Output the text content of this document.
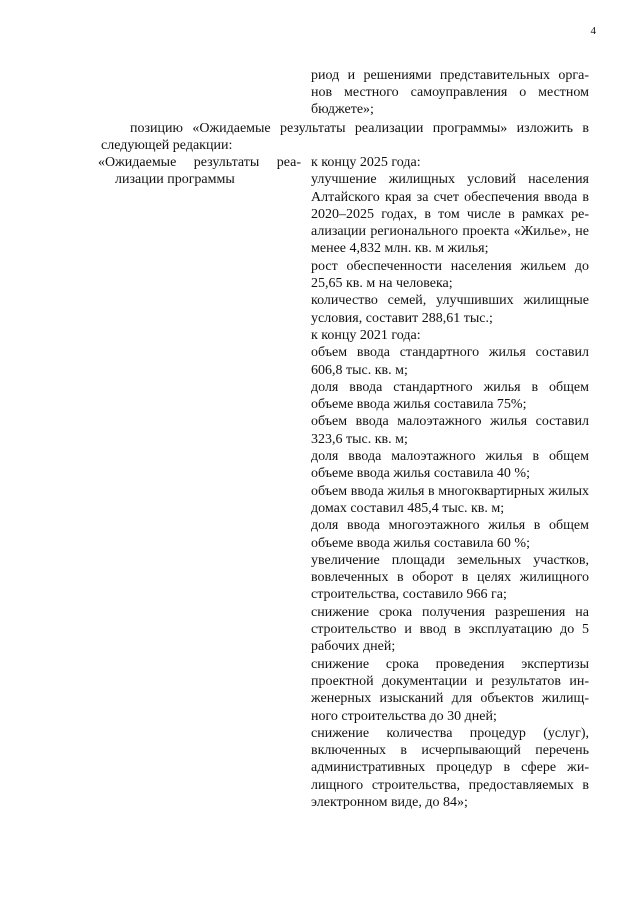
4

риод и решениями представительных орга-

нов местного самоуправления о местном

бюджете»;

позицию «Ожидаемые результаты реализации программы» изложить в

следующей редакции:

«Ожидаемые результаты реа-

лизации программы

к концу 2025 года:
улучшение жилищных условий населения Алтайского края за счет обеспечения ввода в 2020–2025 годах, в том числе в рамках реализации регионального проекта «Жилье», не менее 4,832 млн. кв. м жилья;
рост обеспеченности населения жильем до 25,65 кв. м на человека;
количество семей, улучшивших жилищные условия, составит 288,61 тыс.;
к концу 2021 года:
объем ввода стандартного жилья составил 606,8 тыс. кв. м;
доля ввода стандартного жилья в общем объеме ввода жилья составила 75%;
объем ввода малоэтажного жилья составил 323,6 тыс. кв. м;
доля ввода малоэтажного жилья в общем объеме ввода жилья составила 40 %;
объем ввода жилья в многоквартирных жилых домах составил 485,4 тыс. кв. м;
доля ввода многоэтажного жилья в общем объеме ввода жилья составила 60 %;
увеличение площади земельных участков, вовлеченных в оборот в целях жилищного строительства, составило 966 га;
снижение срока получения разрешения на строительство и ввод в эксплуатацию до 5 рабочих дней;
снижение срока проведения экспертизы проектной документации и результатов инженерных изысканий для объектов жилищного строительства до 30 дней;
снижение количества процедур (услуг), включенных в исчерпывающий перечень административных процедур в сфере жилищного строительства, предоставляемых в электронном виде, до 84»;
